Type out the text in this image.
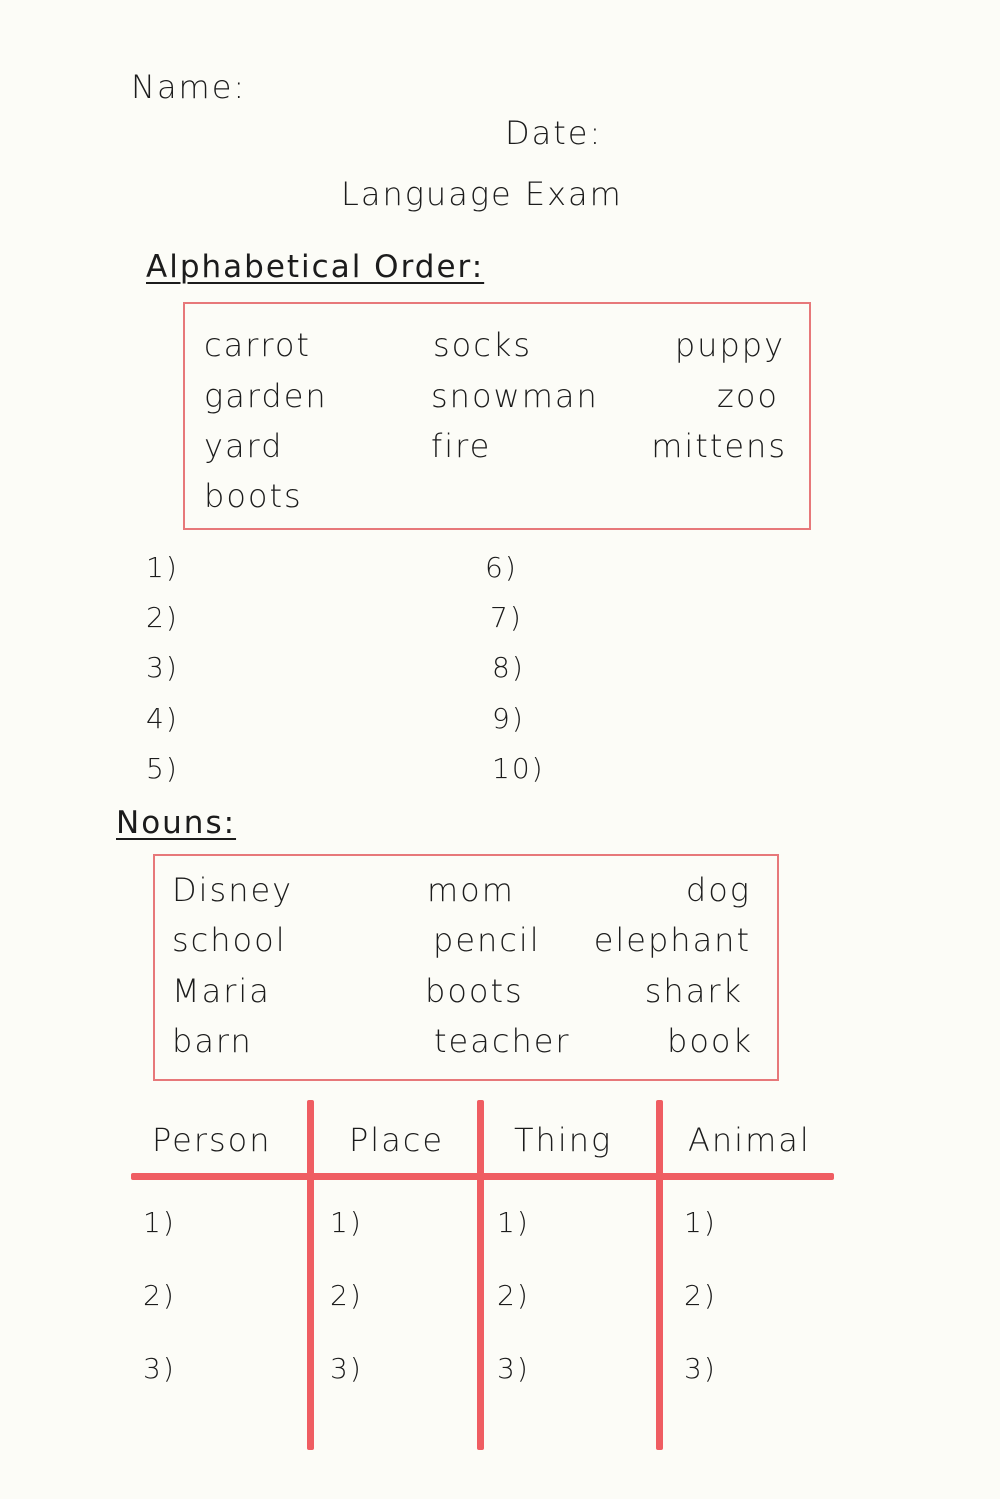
Name:
Date:
Language Exam
Alphabetical Order:
carrot	socks	puppy
garden	snowman	zoo
yard	fire	mittens
boots
1)
2)
3)
4)
5)
6)
7)
8)
9)
10)
Nouns:
Disney	mom	dog
school	pencil elephant
Maria	boots	shark
barn	teacher	book
Person Place Thing Animal
1)
2)
3)
1)
2)
3)
1)
2)
3)
1)
2)
3)
